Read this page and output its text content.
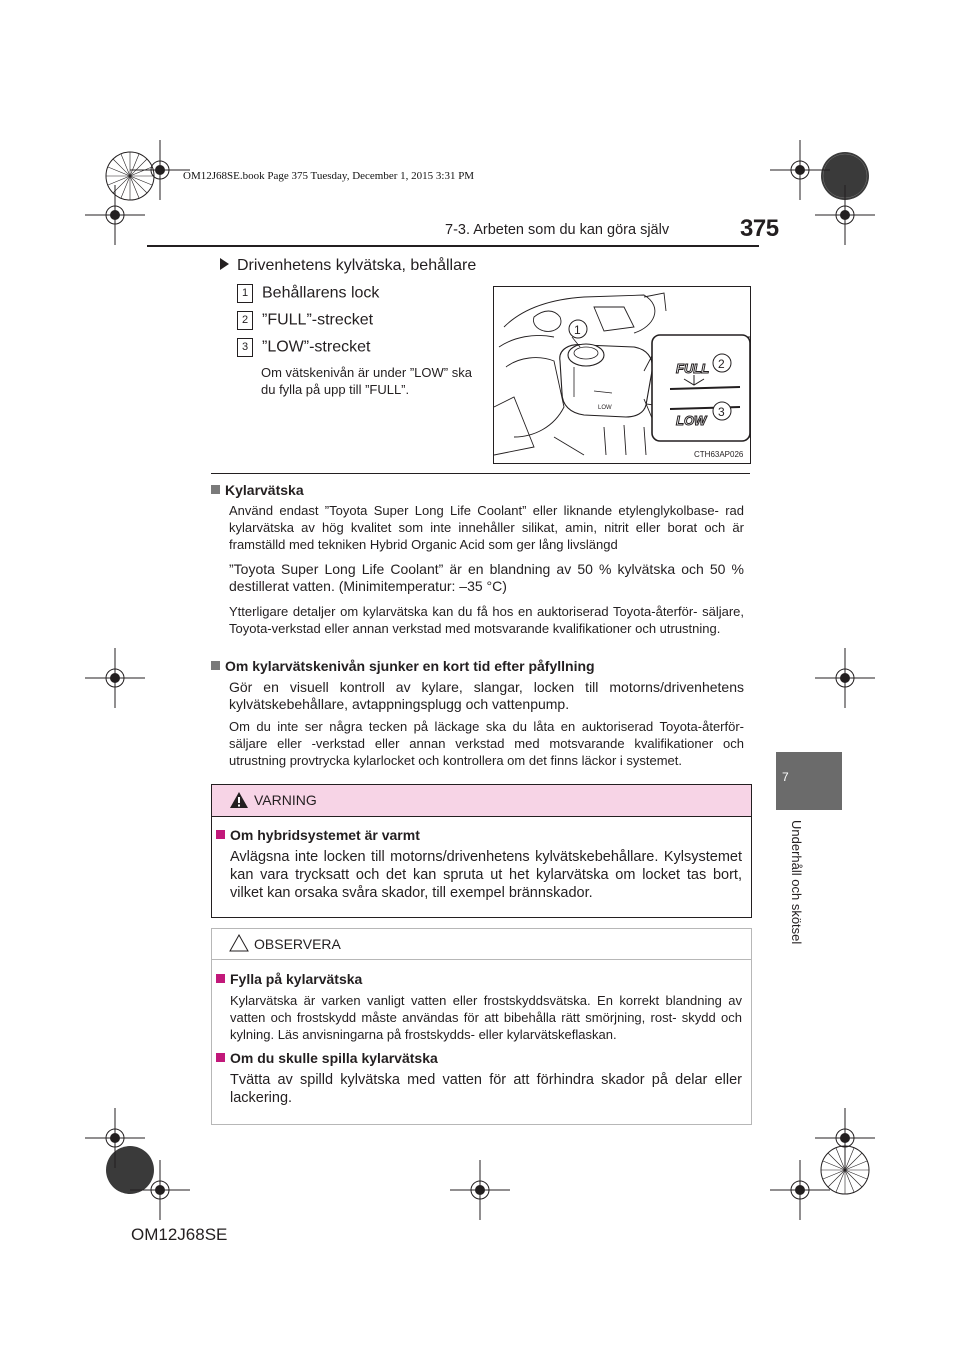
OM12J68SE.book Page 375 Tuesday, December 1, 2015 3:31 PM
7-3. Arbeten som du kan göra själv	375
7
Underhåll och skötsel
Drivenhetens kylvätska, behållare
1 Behållarens lock
2 ”FULL”-strecket
3 ”LOW”-strecket
Om vätskenivån är under ”LOW” ska du fylla på upp till ”FULL”.
LOW
FULL
LOW
1
2
3
CTH63AP026
Kylarvätska
Använd endast ”Toyota Super Long Life Coolant” eller liknande etylenglykolbase- rad kylarvätska av hög kvalitet som inte innehåller silikat, amin, nitrit eller borat och är framställd med tekniken Hybrid Organic Acid som ger lång livslängd
”Toyota Super Long Life Coolant” är en blandning av 50 % kylvätska och 50 % destillerat vatten. (Minimitemperatur: –35 °C)
Ytterligare detaljer om kylarvätska kan du få hos en auktoriserad Toyota-återför- säljare, Toyota-verkstad eller annan verkstad med motsvarande kvalifikationer och utrustning.
Om kylarvätskenivån sjunker en kort tid efter påfyllning
Gör en visuell kontroll av kylare, slangar, locken till motorns/drivenhetens kylvätskebehållare, avtappningsplugg och vattenpump.
Om du inte ser några tecken på läckage ska du låta en auktoriserad Toyota-återför- säljare eller -verkstad eller annan verkstad med motsvarande kvalifikationer och utrustning provtrycka kylarlocket och kontrollera om det finns läckor i systemet.
VARNING
Om hybridsystemet är varmt
Avlägsna inte locken till motorns/drivenhetens kylvätskebehållare. Kylsystemet kan vara trycksatt och det kan spruta ut het kylarvätska om locket tas bort, vilket kan orsaka svåra skador, till exempel brännskador.
OBSERVERA
Fylla på kylarvätska
Kylarvätska är varken vanligt vatten eller frostskyddsvätska. En korrekt blandning av vatten och frostskydd måste användas för att bibehålla rätt smörjning, rost- skydd och kylning. Läs anvisningarna på frostskydds- eller kylarvätskeflaskan.
Om du skulle spilla kylarvätska
Tvätta av spilld kylvätska med vatten för att förhindra skador på delar eller lackering.
OM12J68SE
